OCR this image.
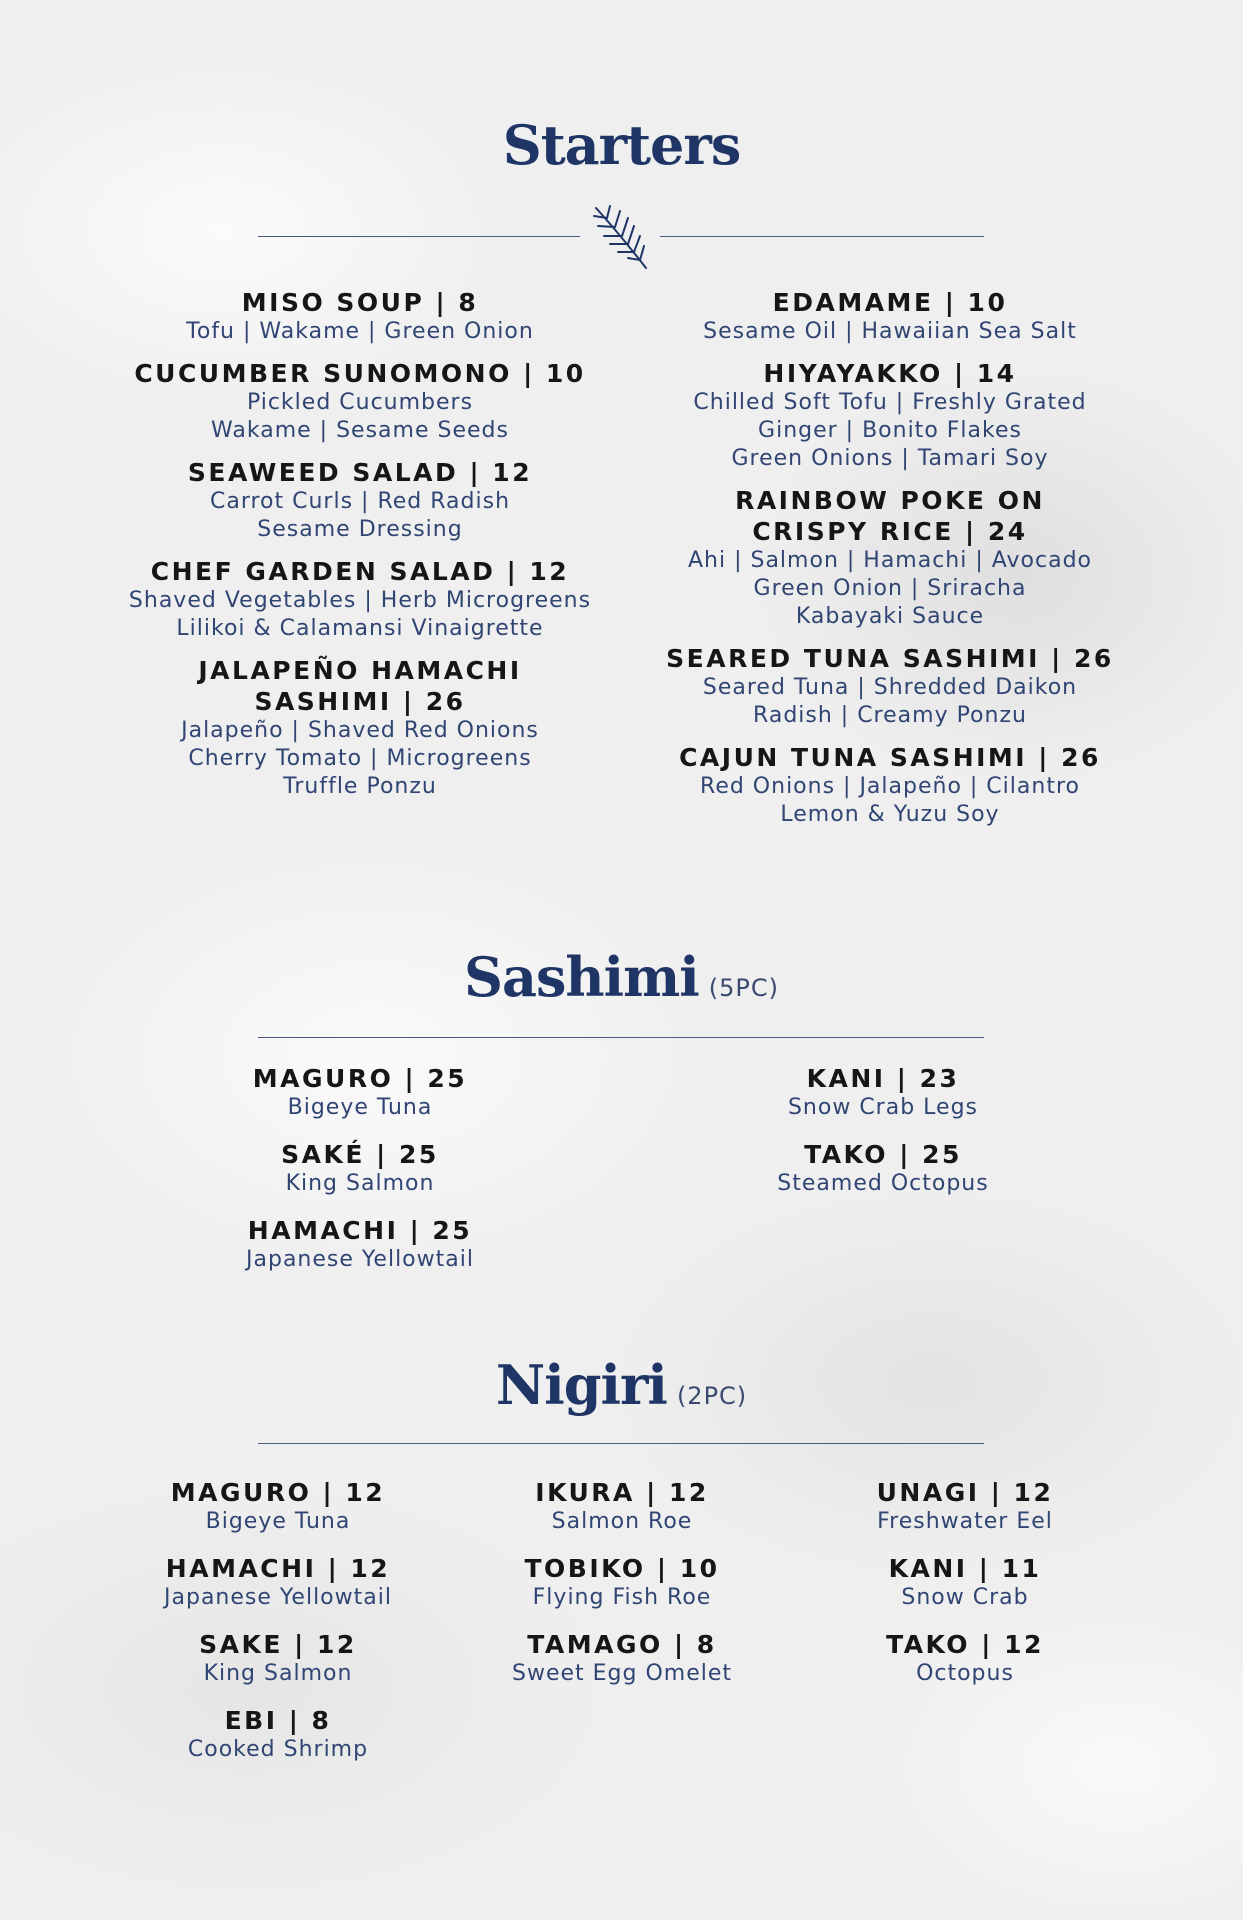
Starters
MISO SOUP | 8
Tofu | Wakame | Green Onion
CUCUMBER SUNOMONO | 10
Pickled Cucumbers
Wakame | Sesame Seeds
SEAWEED SALAD | 12
Carrot Curls | Red Radish
Sesame Dressing
CHEF GARDEN SALAD | 12
Shaved Vegetables | Herb Microgreens
Lilikoi & Calamansi Vinaigrette
JALAPEÑO HAMACHI
SASHIMI | 26
Jalapeño | Shaved Red Onions
Cherry Tomato | Microgreens
Truffle Ponzu
EDAMAME | 10
Sesame Oil | Hawaiian Sea Salt
HIYAYAKKO | 14
Chilled Soft Tofu | Freshly Grated
Ginger | Bonito Flakes
Green Onions | Tamari Soy
RAINBOW POKE ON
CRISPY RICE | 24
Ahi | Salmon | Hamachi | Avocado
Green Onion | Sriracha
Kabayaki Sauce
SEARED TUNA SASHIMI | 26
Seared Tuna | Shredded Daikon
Radish | Creamy Ponzu
CAJUN TUNA SASHIMI | 26
Red Onions | Jalapeño | Cilantro
Lemon & Yuzu Soy
Sashimi (5PC)
MAGURO | 25
Bigeye Tuna
SAKÉ | 25
King Salmon
HAMACHI | 25
Japanese Yellowtail
KANI | 23
Snow Crab Legs
TAKO | 25
Steamed Octopus
Nigiri (2PC)
MAGURO | 12
Bigeye Tuna
HAMACHI | 12
Japanese Yellowtail
SAKE | 12
King Salmon
EBI | 8
Cooked Shrimp
IKURA | 12
Salmon Roe
TOBIKO | 10
Flying Fish Roe
TAMAGO | 8
Sweet Egg Omelet
UNAGI | 12
Freshwater Eel
KANI | 11
Snow Crab
TAKO | 12
Octopus
